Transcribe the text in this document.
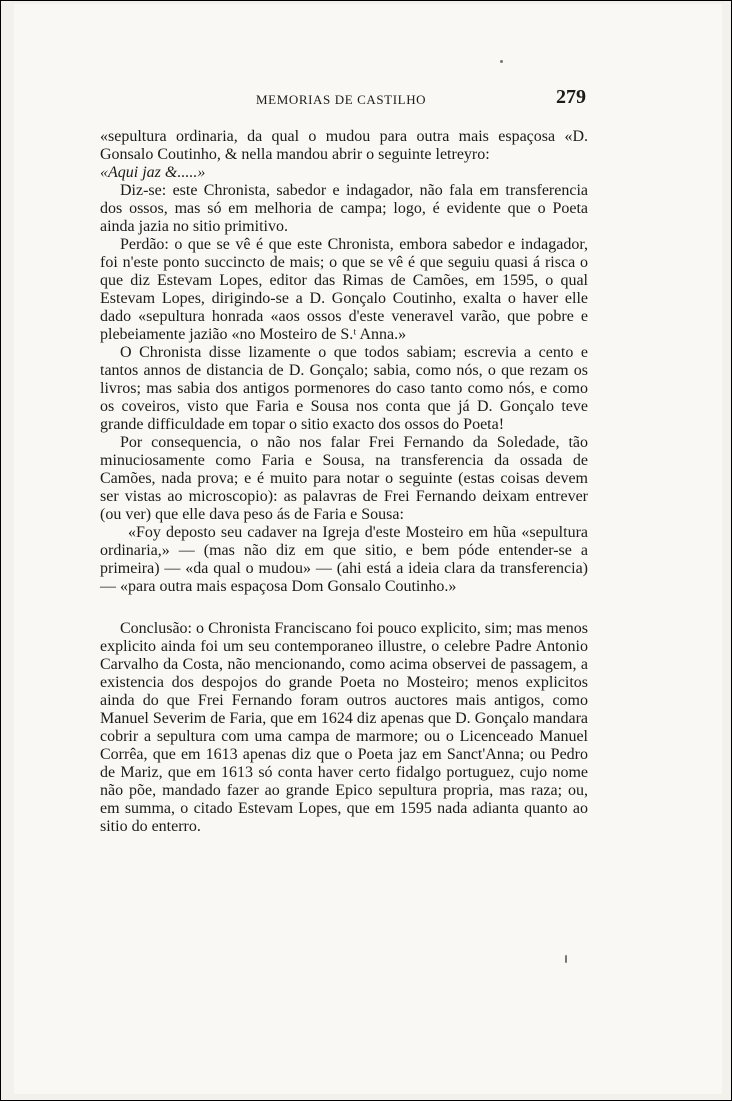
MEMORIAS DE CASTILHO	279

«sepultura ordinaria, da qual o mudou para outra mais espaçosa «D. Gonsalo Coutinho, & nella mandou abrir o seguinte letreyro:

«Aqui jaz &.....»

Diz-se: este Chronista, sabedor e indagador, não fala em transferencia dos ossos, mas só em melhoria de campa; logo, é evidente que o Poeta ainda jazia no sitio primitivo.

Perdão: o que se vê é que este Chronista, embora sabedor e indagador, foi n'este ponto succincto de mais; o que se vê é que seguiu quasi á risca o que diz Estevam Lopes, editor das Rimas de Camões, em 1595, o qual Estevam Lopes, dirigindo-se a D. Gonçalo Coutinho, exalta o haver elle dado «sepultura honrada «aos ossos d'este veneravel varão, que pobre e plebeiamente jazião «no Mosteiro de S.ᵗ Anna.»

O Chronista disse lizamente o que todos sabiam; escrevia a cento e tantos annos de distancia de D. Gonçalo; sabia, como nós, o que rezam os livros; mas sabia dos antigos pormenores do caso tanto como nós, e como os coveiros, visto que Faria e Sousa nos conta que já D. Gonçalo teve grande difficuldade em topar o sitio exacto dos ossos do Poeta!

Por consequencia, o não nos falar Frei Fernando da Soledade, tão minuciosamente como Faria e Sousa, na transferencia da ossada de Camões, nada prova; e é muito para notar o seguinte (estas coisas devem ser vistas ao microscopio): as palavras de Frei Fernando deixam entrever (ou ver) que elle dava peso ás de Faria e Sousa:

«Foy deposto seu cadaver na Igreja d'este Mosteiro em hũa «sepultura ordinaria,» — (mas não diz em que sitio, e bem póde entender-se a primeira) — «da qual o mudou» — (ahi está a ideia clara da transferencia) — «para outra mais espaçosa Dom Gonsalo Coutinho.»

Conclusão: o Chronista Franciscano foi pouco explicito, sim; mas menos explicito ainda foi um seu contemporaneo illustre, o celebre Padre Antonio Carvalho da Costa, não mencionando, como acima observei de passagem, a existencia dos despojos do grande Poeta no Mosteiro; menos explicitos ainda do que Frei Fernando foram outros auctores mais antigos, como Manuel Severim de Faria, que em 1624 diz apenas que D. Gonçalo mandara cobrir a sepultura com uma campa de marmore; ou o Licenceado Manuel Corrêa, que em 1613 apenas diz que o Poeta jaz em Sanct'Anna; ou Pedro de Mariz, que em 1613 só conta haver certo fidalgo portuguez, cujo nome não põe, mandado fazer ao grande Epico sepultura propria, mas raza; ou, em summa, o citado Estevam Lopes, que em 1595 nada adianta quanto ao sitio do enterro.
